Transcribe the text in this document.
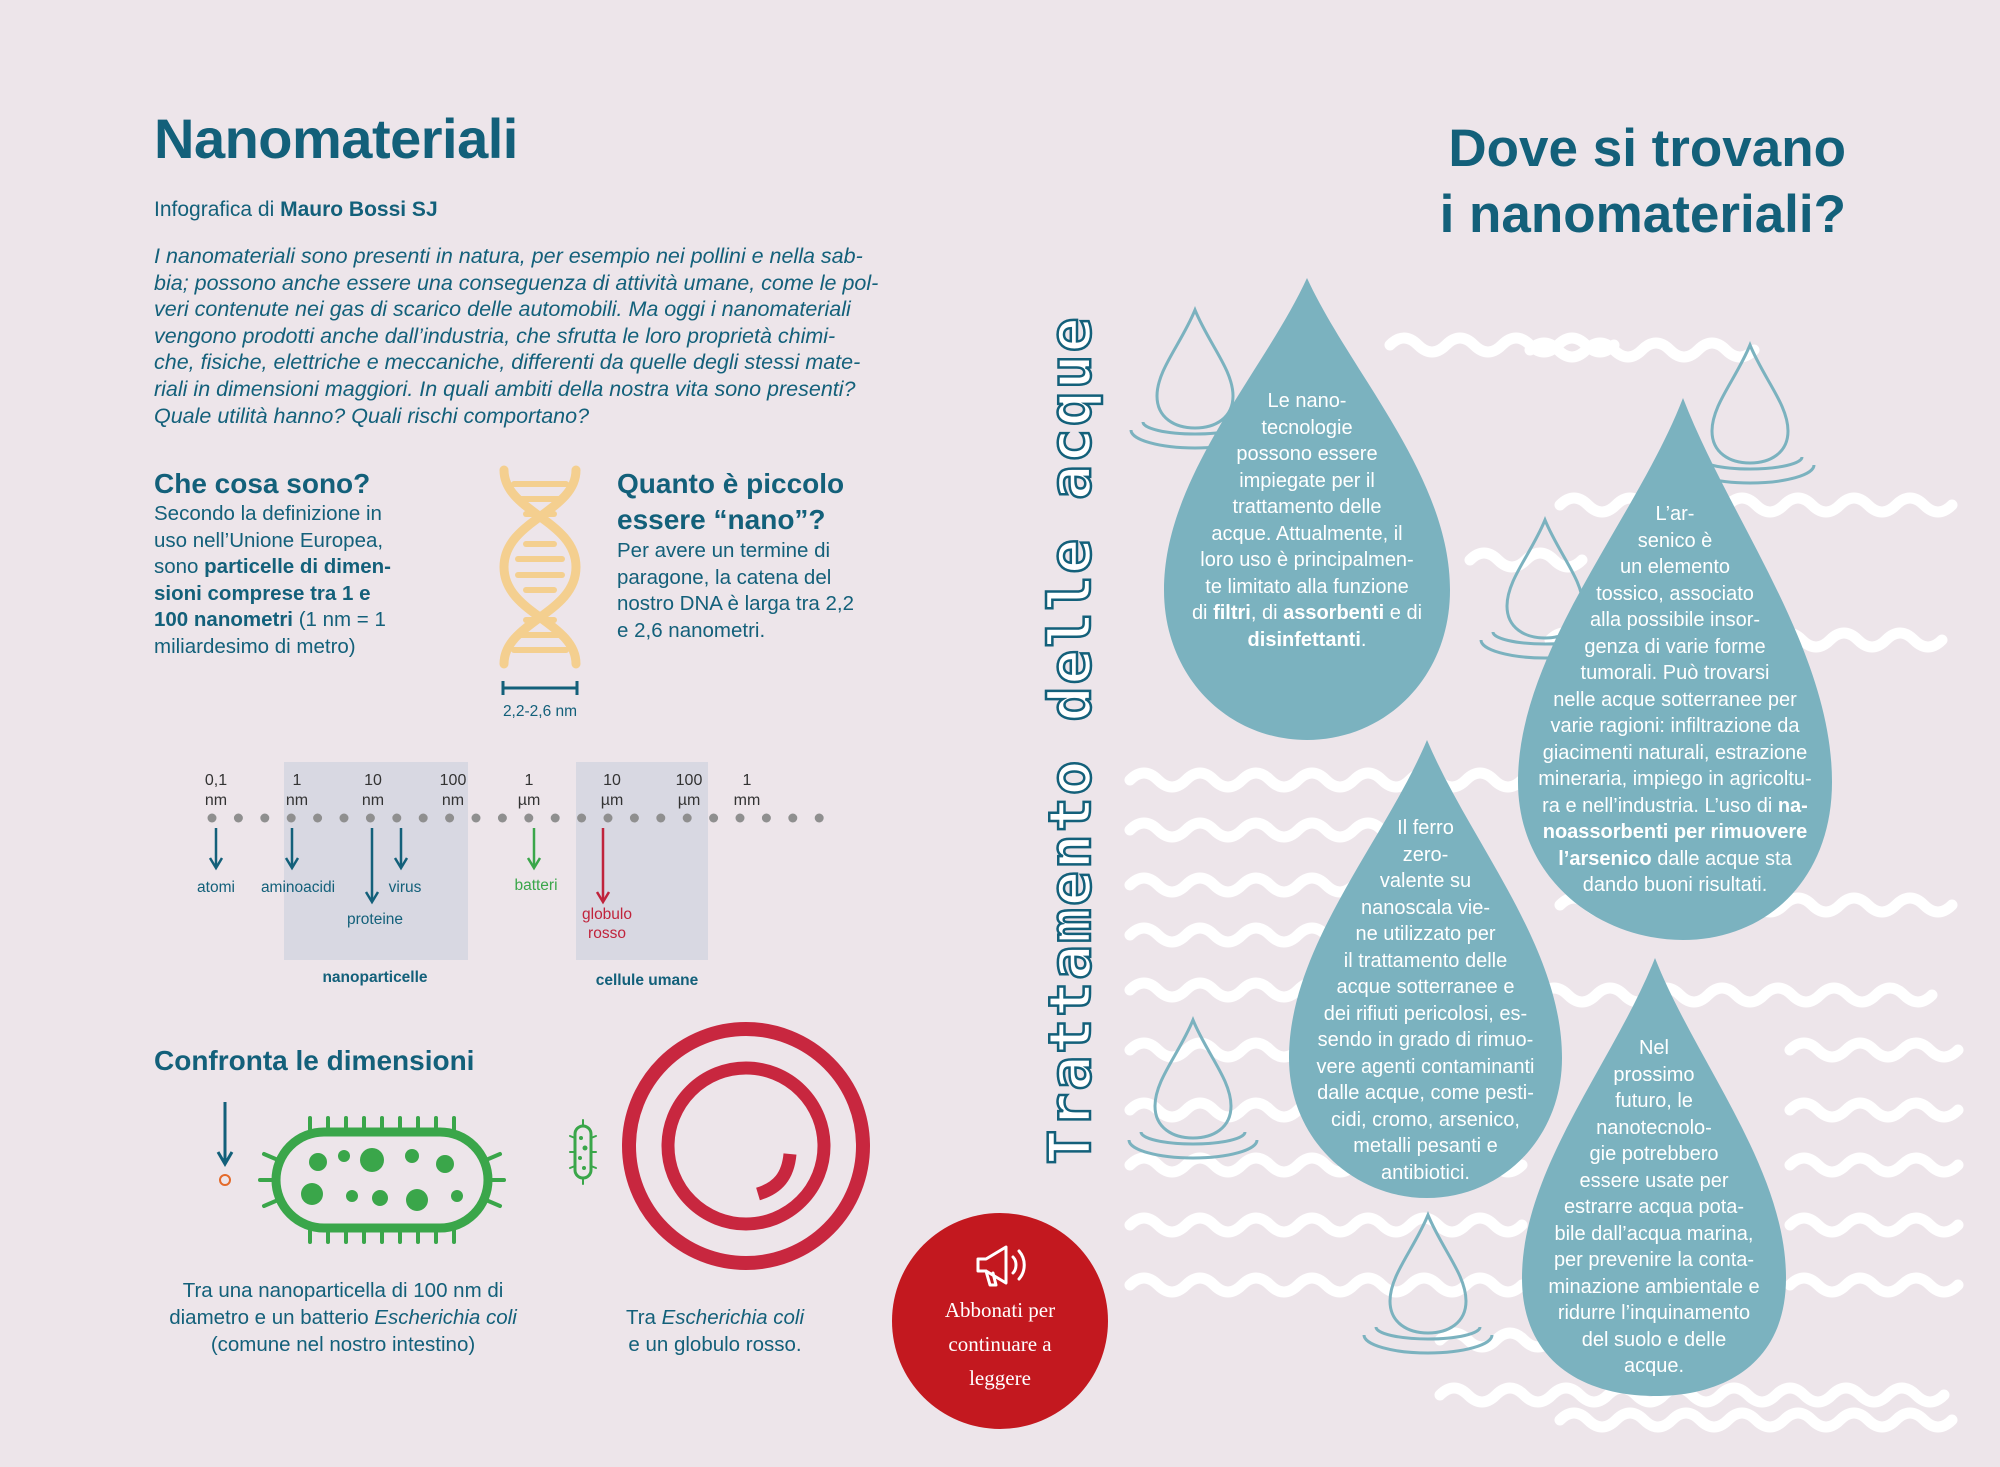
Nanomateriali
Infografica di Mauro Bossi SJ

I nanomateriali sono presenti in natura, per esempio nei pollini e nella sab-
bia; possono anche essere una conseguenza di attività umane, come le pol-
veri contenute nei gas di scarico delle automobili. Ma oggi i nanomateriali
vengono prodotti anche dall’industria, che sfrutta le loro proprietà chimi-
che, fisiche, elettriche e meccaniche, differenti da quelle degli stessi mate-
riali in dimensioni maggiori. In quali ambiti della nostra vita sono presenti?
Quale utilità hanno? Quali rischi comportano?

Che cosa sono?

Secondo la definizione in
uso nell’Unione Europea,
sono particelle di dimen-
sioni comprese tra 1 e
100 nanometri (1 nm = 1
miliardesimo di metro)

2,2-2,6 nm
Quanto è piccolo
essere “nano”?

Per avere un termine di
paragone, la catena del
nostro DNA è larga tra 2,2
e 2,6 nanometri.

0,1
nm
1
nm
10
nm
100
nm
1
µm
10
µm
100
µm
1
mm
atomi	aminoacidi
proteine
virus	batteri
globulo
rosso
nanoparticelle	cellule umane
Confronta le dimensioni

Tra una nanoparticella di 100 nm di
diametro e un batterio Escherichia coli
(comune nel nostro intestino)

Tra Escherichia coli
e un globulo rosso.

Abbonati per
continuare a
leggere
Dove si trovano
i nanomateriali?
Trattamento delle acque	Le nano-
tecnologie
possono essere
impiegate per il
trattamento delle
acque. Attualmente, il
loro uso è principalmen-
te limitato alla funzione
di filtri, di assorbenti e di
disinfettanti.

L’ar-
senico è
un elemento
tossico, associato
alla possibile insor-
genza di varie forme
tumorali. Può trovarsi
nelle acque sotterranee per
varie ragioni: infiltrazione da
giacimenti naturali, estrazione
mineraria, impiego in agricoltu-
ra e nell’industria. L’uso di na-
noassorbenti per rimuovere
l’arsenico dalle acque sta
dando buoni risultati.

Il ferro
zero-
valente su
nanoscala vie-
ne utilizzato per
il trattamento delle
acque sotterranee e
dei rifiuti pericolosi, es-
sendo in grado di rimuo-
vere agenti contaminanti
dalle acque, come pesti-
cidi, cromo, arsenico,
metalli pesanti e
antibiotici.

Nel
prossimo
futuro, le
nanotecnolo-
gie potrebbero
essere usate per
estrarre acqua pota-
bile dall’acqua marina,
per prevenire la conta-
minazione ambientale e
ridurre l’inquinamento
del suolo e delle
acque.
